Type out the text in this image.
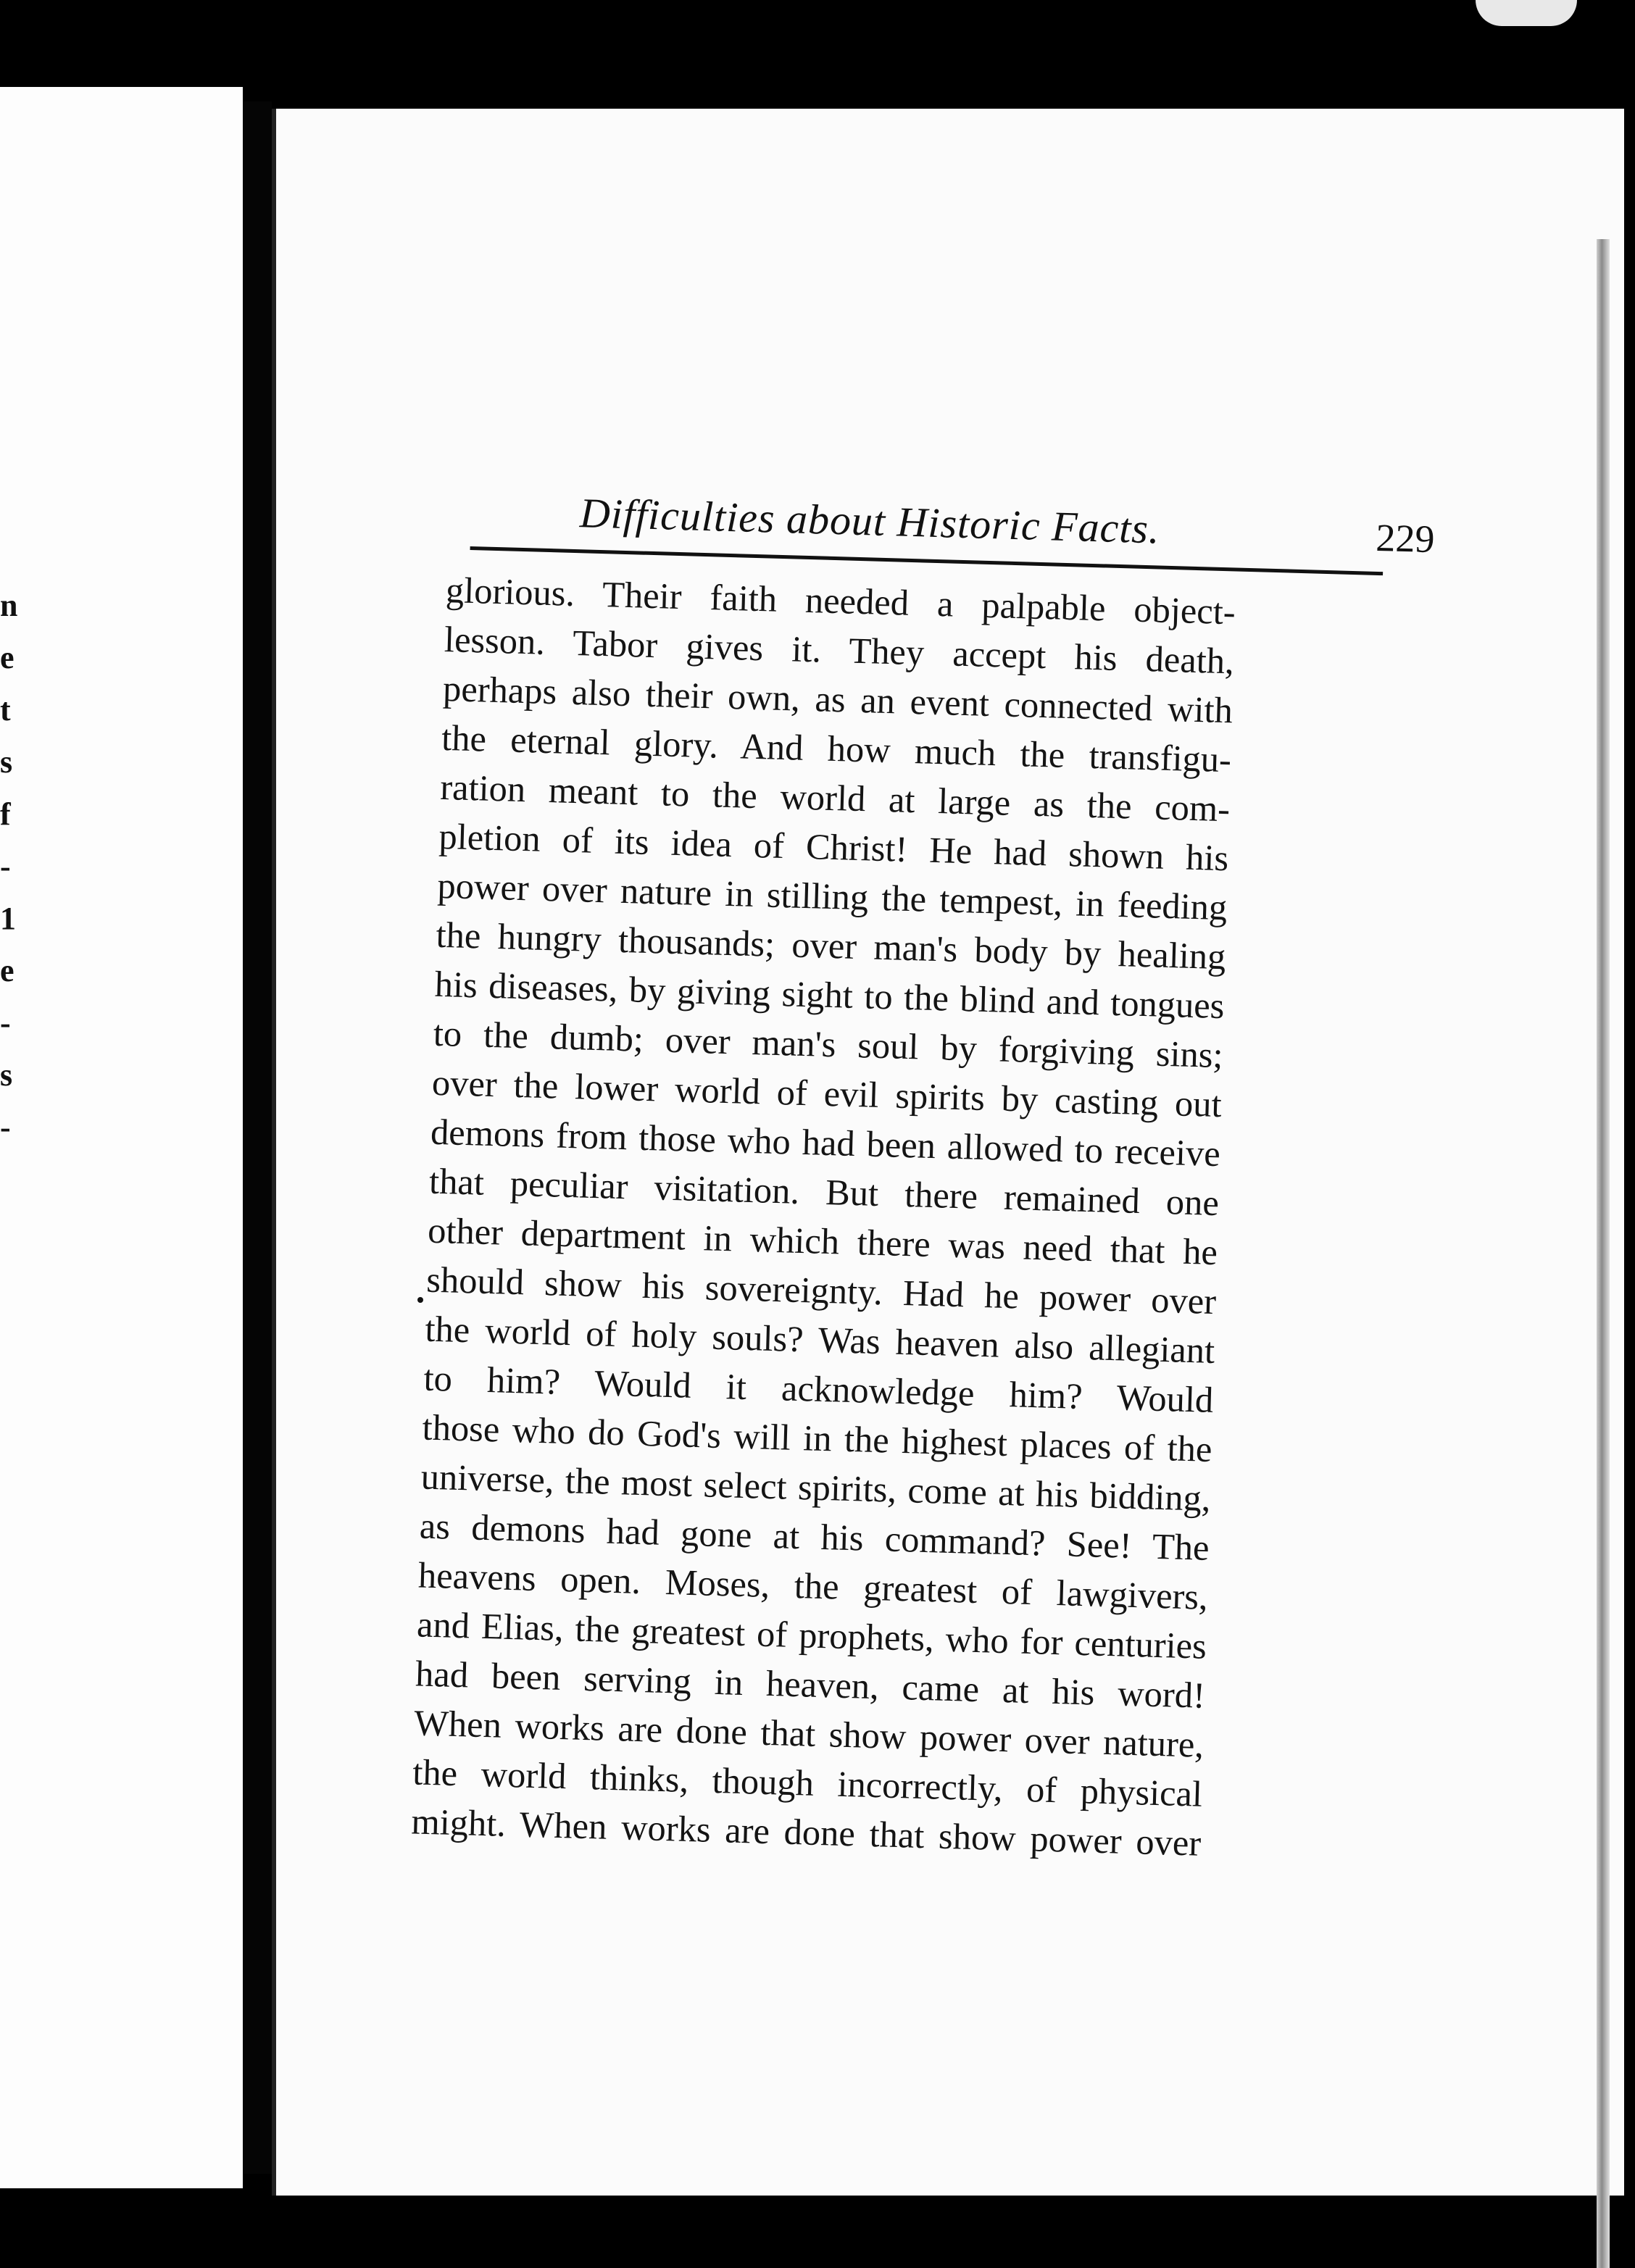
n
e
t
s
f
-
1
e
-
s
-
Difficulties about Historic Facts.	229
glorious. Their faith needed a palpable object-
lesson. Tabor gives it. They accept his death,
perhaps also their own, as an event connected with
the eternal glory. And how much the transfigu-
ration meant to the world at large as the com-
pletion of its idea of Christ! He had shown his
power over nature in stilling the tempest, in feeding
the hungry thousands; over man's body by healing
his diseases, by giving sight to the blind and tongues
to the dumb; over man's soul by forgiving sins;
over the lower world of evil spirits by casting out
demons from those who had been allowed to receive
that peculiar visitation. But there remained one
other department in which there was need that he
should show his sovereignty. Had he power over
the world of holy souls? Was heaven also allegiant
to him? Would it acknowledge him? Would
those who do God's will in the highest places of the
universe, the most select spirits, come at his bidding,
as demons had gone at his command? See! The
heavens open. Moses, the greatest of lawgivers,
and Elias, the greatest of prophets, who for centuries
had been serving in heaven, came at his word!
When works are done that show power over nature,
the world thinks, though incorrectly, of physical
might. When works are done that show power over
